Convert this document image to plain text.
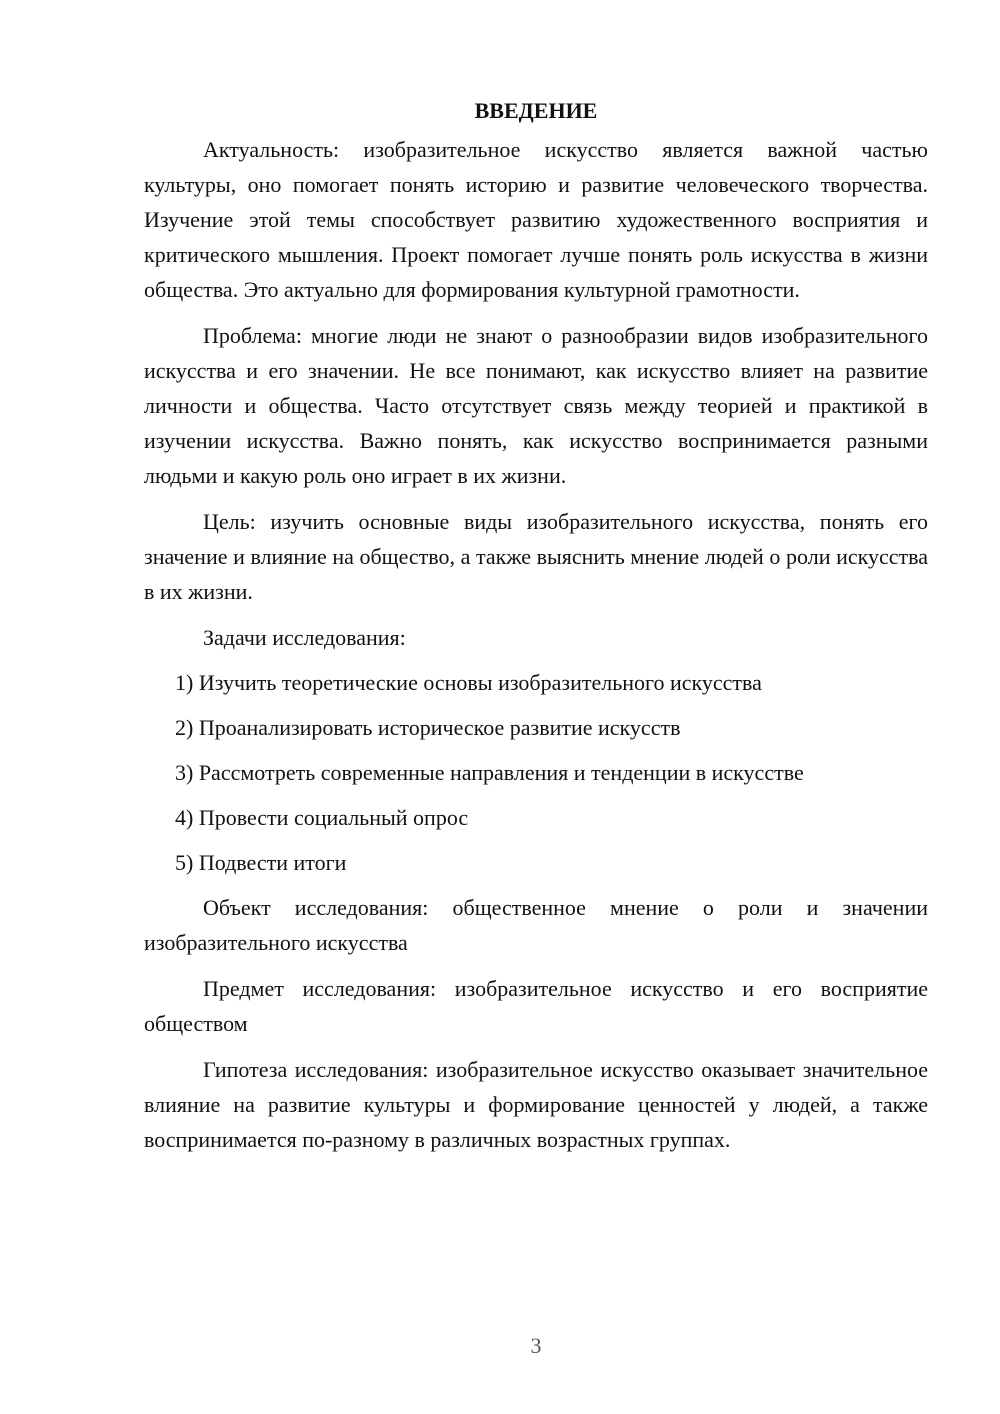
ВВЕДЕНИЕ

Актуальность: изобразительное искусство является важной частью культуры, оно помогает понять историю и развитие человеческого творчества. Изучение этой темы способствует развитию художественного восприятия и критического мышления. Проект помогает лучше понять роль искусства в жизни общества. Это актуально для формирования культурной грамотности.

Проблема: многие люди не знают о разнообразии видов изобразительного искусства и его значении. Не все понимают, как искусство влияет на развитие личности и общества. Часто отсутствует связь между теорией и практикой в изучении искусства. Важно понять, как искусство воспринимается разными людьми и какую роль оно играет в их жизни.

Цель: изучить основные виды изобразительного искусства, понять его значение и влияние на общество, а также выяснить мнение людей о роли искусства в их жизни.

Задачи исследования:

1) Изучить теоретические основы изобразительного искусства
2) Проанализировать историческое развитие искусств
3) Рассмотреть современные направления и тенденции в искусстве
4) Провести социальный опрос
5) Подвести итоги

Объект исследования: общественное мнение о роли и значении изобразительного искусства

Предмет исследования: изобразительное искусство и его восприятие обществом

Гипотеза исследования: изобразительное искусство оказывает значительное влияние на развитие культуры и формирование ценностей у людей, а также воспринимается по-разному в различных возрастных группах.

3
